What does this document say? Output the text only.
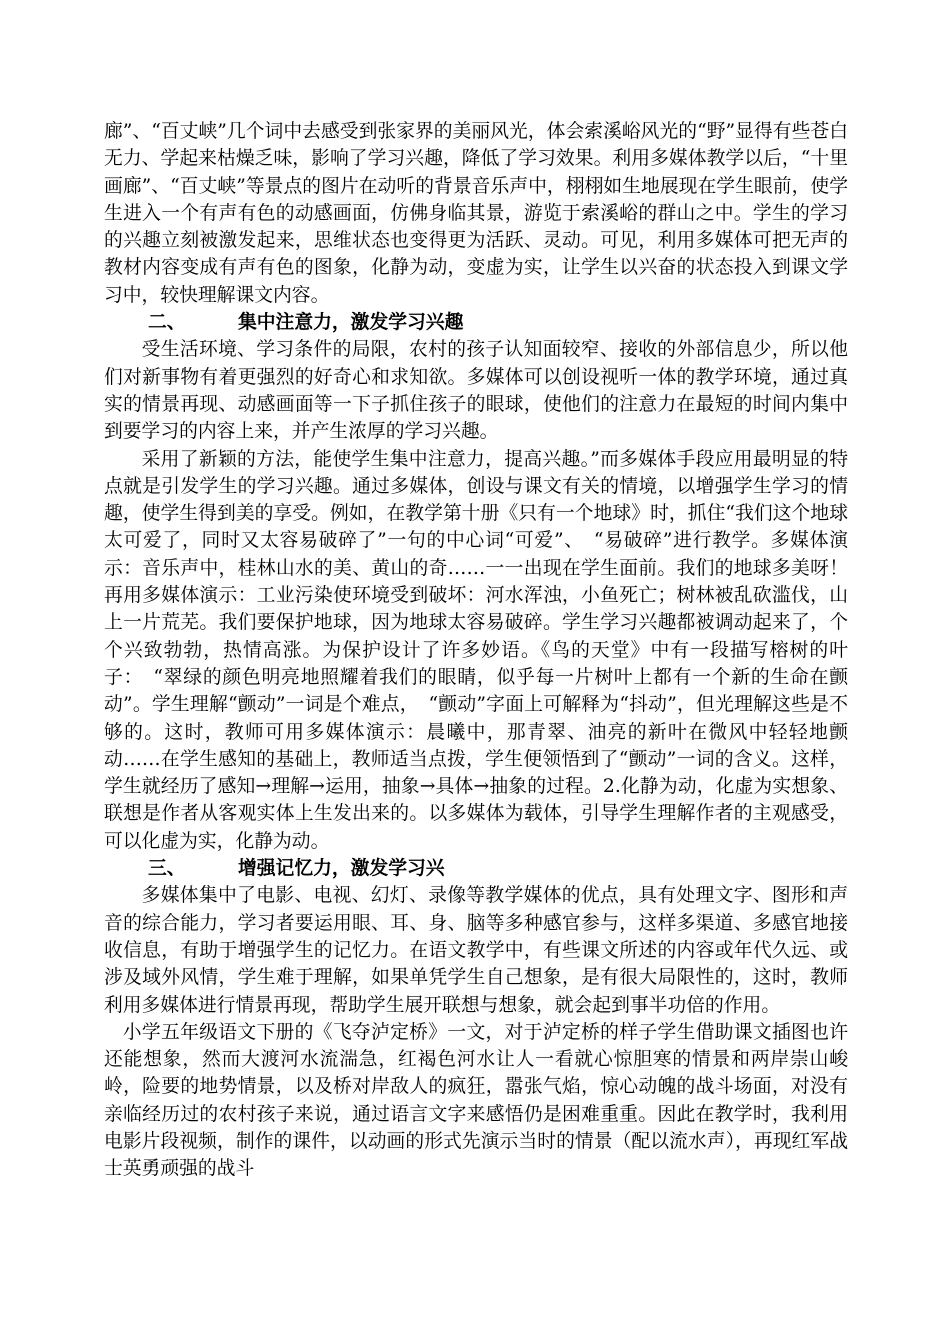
廊”、“百丈峡”几个词中去感受到张家界的美丽风光，体会索溪峪风光的“野”显得有些苍白无力、学起来枯燥乏味，影响了学习兴趣，降低了学习效果。利用多媒体教学以后，“十里画廊”、“百丈峡”等景点的图片在动听的背景音乐声中，栩栩如生地展现在学生眼前，使学生进入一个有声有色的动感画面，仿佛身临其景，游览于索溪峪的群山之中。学生的学习的兴趣立刻被激发起来，思维状态也变得更为活跃、灵动。可见，利用多媒体可把无声的教材内容变成有声有色的图象，化静为动，变虚为实，让学生以兴奋的状态投入到课文学习中，较快理解课文内容。

二、	集中注意力，激发学习兴趣

受生活环境、学习条件的局限，农村的孩子认知面较窄、接收的外部信息少，所以他们对新事物有着更强烈的好奇心和求知欲。多媒体可以创设视听一体的教学环境，通过真实的情景再现、动感画面等一下子抓住孩子的眼球，使他们的注意力在最短的时间内集中到要学习的内容上来，并产生浓厚的学习兴趣。

采用了新颖的方法，能使学生集中注意力，提高兴趣。”而多媒体手段应用最明显的特点就是引发学生的学习兴趣。通过多媒体，创设与课文有关的情境，以增强学生学习的情趣，使学生得到美的享受。例如，在教学第十册《只有一个地球》时，抓住“我们这个地球太可爱了，同时又太容易破碎了”一句的中心词“可爱”、　“易破碎”进行教学。多媒体演示：音乐声中，桂林山水的美、黄山的奇……一一出现在学生面前。我们的地球多美呀！再用多媒体演示：工业污染使环境受到破坏：河水浑浊，小鱼死亡；树林被乱砍滥伐，山上一片荒芜。我们要保护地球，因为地球太容易破碎。学生学习兴趣都被调动起来了，个个兴致勃勃，热情高涨。为保护设计了许多妙语。《鸟的天堂》中有一段描写榕树的叶子：　“翠绿的颜色明亮地照耀着我们的眼睛，似乎每一片树叶上都有一个新的生命在颤动”。学生理解“颤动”一词是个难点，　“颤动”字面上可解释为“抖动”，但光理解这些是不够的。这时，教师可用多媒体演示：晨曦中，那青翠、油亮的新叶在微风中轻轻地颤动……在学生感知的基础上，教师适当点拨，学生便领悟到了“颤动”一词的含义。这样，学生就经历了感知→理解→运用，抽象→具体→抽象的过程。2.化静为动，化虚为实想象、联想是作者从客观实体上生发出来的。以多媒体为载体，引导学生理解作者的主观感受，可以化虚为实，化静为动。

三、	增强记忆力，激发学习兴

多媒体集中了电影、电视、幻灯、录像等教学媒体的优点，具有处理文字、图形和声音的综合能力，学习者要运用眼、耳、身、脑等多种感官参与，这样多渠道、多感官地接收信息，有助于增强学生的记忆力。在语文教学中，有些课文所述的内容或年代久远、或涉及域外风情，学生难于理解，如果单凭学生自己想象，是有很大局限性的，这时，教师利用多媒体进行情景再现，帮助学生展开联想与想象，就会起到事半功倍的作用。

小学五年级语文下册的《飞夺泸定桥》一文，对于泸定桥的样子学生借助课文插图也许还能想象，然而大渡河水流湍急，红褐色河水让人一看就心惊胆寒的情景和两岸崇山峻岭，险要的地势情景，以及桥对岸敌人的疯狂，嚣张气焰，惊心动魄的战斗场面，对没有亲临经历过的农村孩子来说，通过语言文字来感悟仍是困难重重。因此在教学时，我利用电影片段视频，制作的课件，以动画的形式先演示当时的情景（配以流水声），再现红军战士英勇顽强的战斗
